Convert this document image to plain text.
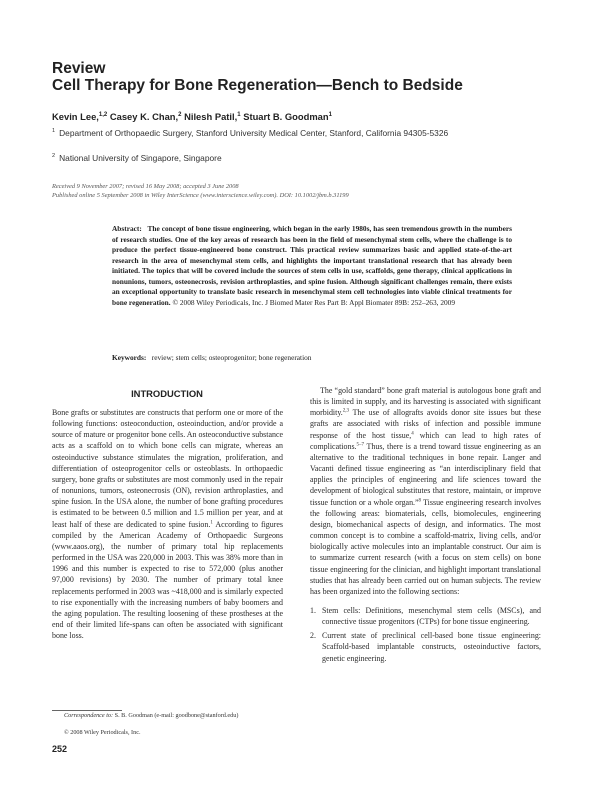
Review
Cell Therapy for Bone Regeneration—Bench to Bedside
Kevin Lee,$^{1,2}$ Casey K. Chan,$^2$ Nilesh Patil,$^1$ Stuart B. Goodman$^1$
$^1$ Department of Orthopaedic Surgery, Stanford University Medical Center, Stanford, California 94305-5326
$^2$ National University of Singapore, Singapore
Received 9 November 2007; revised 16 May 2008; accepted 3 June 2008
Published online 5 September 2008 in Wiley InterScience (www.interscience.wiley.com). DOI: 10.1002/jbm.b.31199
Abstract: The concept of bone tissue engineering, which began in the early 1980s, has seen tremendous growth in the numbers of research studies. One of the key areas of research has been in the field of mesenchymal stem cells, where the challenge is to produce the perfect tissue-engineered bone construct. This practical review summarizes basic and applied state-of-the-art research in the area of mesenchymal stem cells, and highlights the important translational research that has already been initiated. The topics that will be covered include the sources of stem cells in use, scaffolds, gene therapy, clinical applications in nonunions, tumors, osteonecrosis, revision arthroplasties, and spine fusion. Although significant challenges remain, there exists an exceptional opportunity to translate basic research in mesenchymal stem cell technologies into viable clinical treatments for bone regeneration. © 2008 Wiley Periodicals, Inc. J Biomed Mater Res Part B: Appl Biomater 89B: 252–263, 2009
Keywords: review; stem cells; osteoprogenitor; bone regeneration
INTRODUCTION

Bone grafts or substitutes are constructs that perform one or more of the following functions: osteoconduction, osteoinduction, and/or provide a source of mature or progenitor bone cells. An osteoconductive substance acts as a scaffold on to which bone cells can migrate, whereas an osteoinductive substance stimulates the migration, proliferation, and differentiation of osteoprogenitor cells or osteoblasts. In orthopaedic surgery, bone grafts or substitutes are most commonly used in the repair of nonunions, tumors, osteonecrosis (ON), revision arthroplasties, and spine fusion. In the USA alone, the number of bone grafting procedures is estimated to be between 0.5 million and 1.5 million per year, and at least half of these are dedicated to spine fusion.$^1$ According to figures compiled by the American Academy of Orthopaedic Surgeons (www.aaos.org), the number of primary total hip replacements performed in the USA was 220,000 in 2003. This was 38% more than in 1996 and this number is expected to rise to 572,000 (plus another 97,000 revisions) by 2030. The number of primary total knee replacements performed in 2003 was ~418,000 and is similarly expected to rise exponentially with the increasing numbers of baby boomers and the aging population. The resulting loosening of these prostheses at the end of their limited life-spans can often be associated with significant bone loss.

The “gold standard” bone graft material is autologous bone graft and this is limited in supply, and its harvesting is associated with significant morbidity.$^{2,3}$ The use of allografts avoids donor site issues but these grafts are associated with risks of infection and possible immune response of the host tissue,$^4$ which can lead to high rates of complications.$^{5-7}$ Thus, there is a trend toward tissue engineering as an alternative to the traditional techniques in bone repair. Langer and Vacanti defined tissue engineering as “an interdisciplinary field that applies the principles of engineering and life sciences toward the development of biological substitutes that restore, maintain, or improve tissue function or a whole organ.”$^8$ Tissue engineering research involves the following areas: biomaterials, cells, biomolecules, engineering design, biomechanical aspects of design, and informatics. The most common concept is to combine a scaffold-matrix, living cells, and/or biologically active molecules into an implantable construct. Our aim is to summarize current research (with a focus on stem cells) on bone tissue engineering for the clinician, and highlight important translational studies that has already been carried out on human subjects. The review has been organized into the following sections:

1. Stem cells: Definitions, mesenchymal stem cells (MSCs), and connective tissue progenitors (CTPs) for bone tissue engineering.
2. Current state of preclinical cell-based bone tissue engineering: Scaffold-based implantable constructs, osteoinductive factors, genetic engineering.
Correspondence to: S. B. Goodman (e-mail: goodbone@stanford.edu)
© 2008 Wiley Periodicals, Inc.
252
